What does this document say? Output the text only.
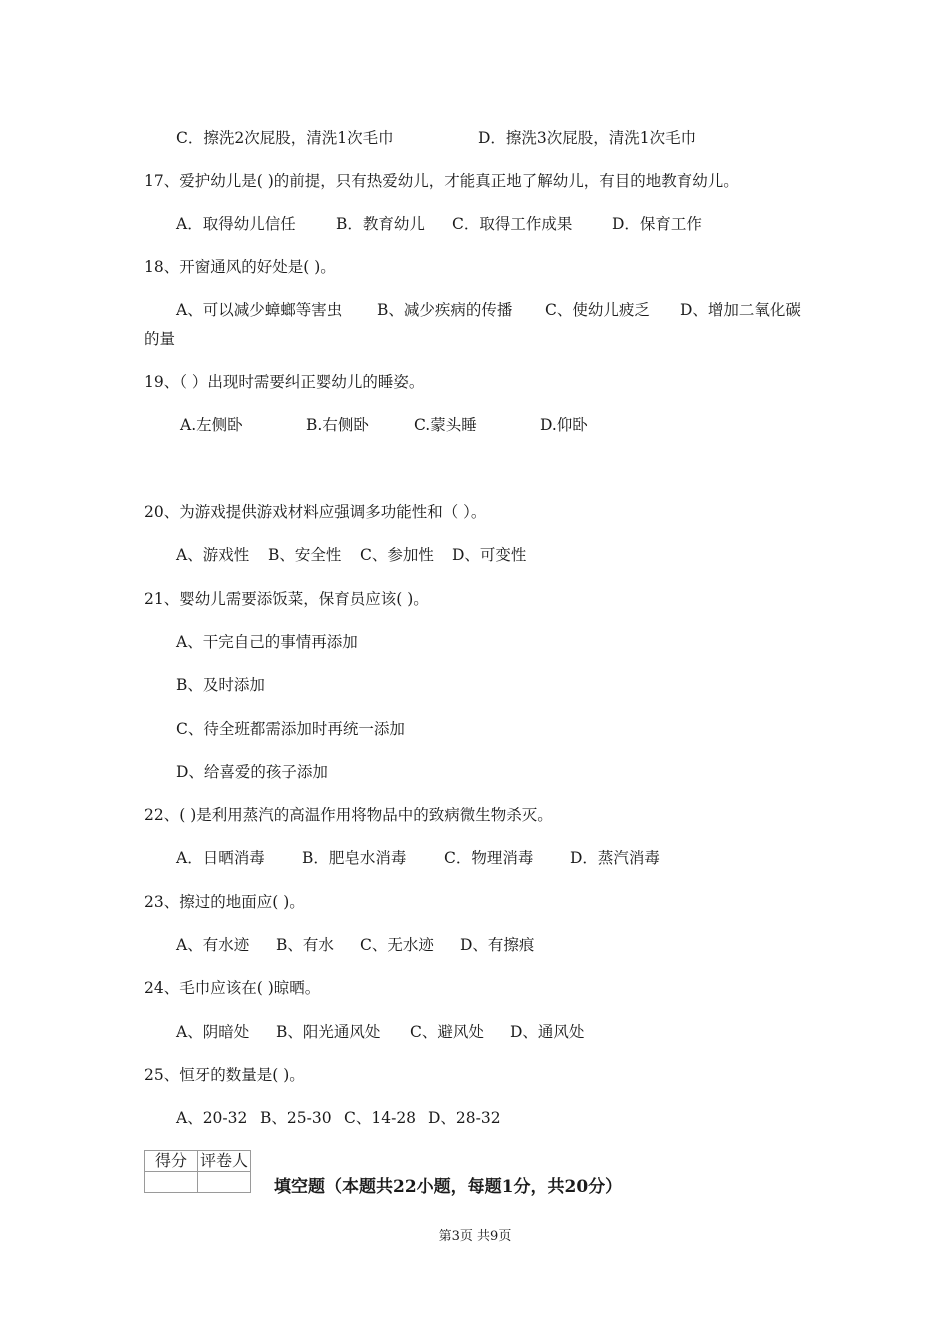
C．擦洗2次屁股，清洗1次毛巾	D．擦洗3次屁股，清洗1次毛巾
17、爱护幼儿是( )的前提，只有热爱幼儿，才能真正地了解幼儿，有目的地教育幼儿。
A．取得幼儿信任	B．教育幼儿 C．取得工作成果	D．保育工作
18、开窗通风的好处是( )。
A、可以减少蟑螂等害虫 B、减少疾病的传播 C、使幼儿疲乏 D、增加二氧化碳
的量
19、（ ）出现时需要纠正婴幼儿的睡姿。
A.左侧卧	B.右侧卧	C.蒙头睡	D.仰卧
20、为游戏提供游戏材料应强调多功能性和（ ）。
A、游戏性 B、安全性 C、参加性 D、可变性
21、婴幼儿需要添饭菜，保育员应该( )。
A、干完自己的事情再添加
B、及时添加
C、待全班都需添加时再统一添加
D、给喜爱的孩子添加
22、( )是利用蒸汽的高温作用将物品中的致病微生物杀灭。
A．日晒消毒 B．肥皂水消毒 C．物理消毒 D．蒸汽消毒
23、擦过的地面应( )。
A、有水迹 B、有水 C、无水迹 D、有擦痕
24、毛巾应该在( )晾晒。
A、阴暗处 B、阳光通风处 C、避风处 D、通风处
25、恒牙的数量是( )。
A、20-32 B、25-30 C、14-28 D、28-32
得分	评卷人

填空题（本题共22小题，每题1分，共20分）
第3页 共9页
